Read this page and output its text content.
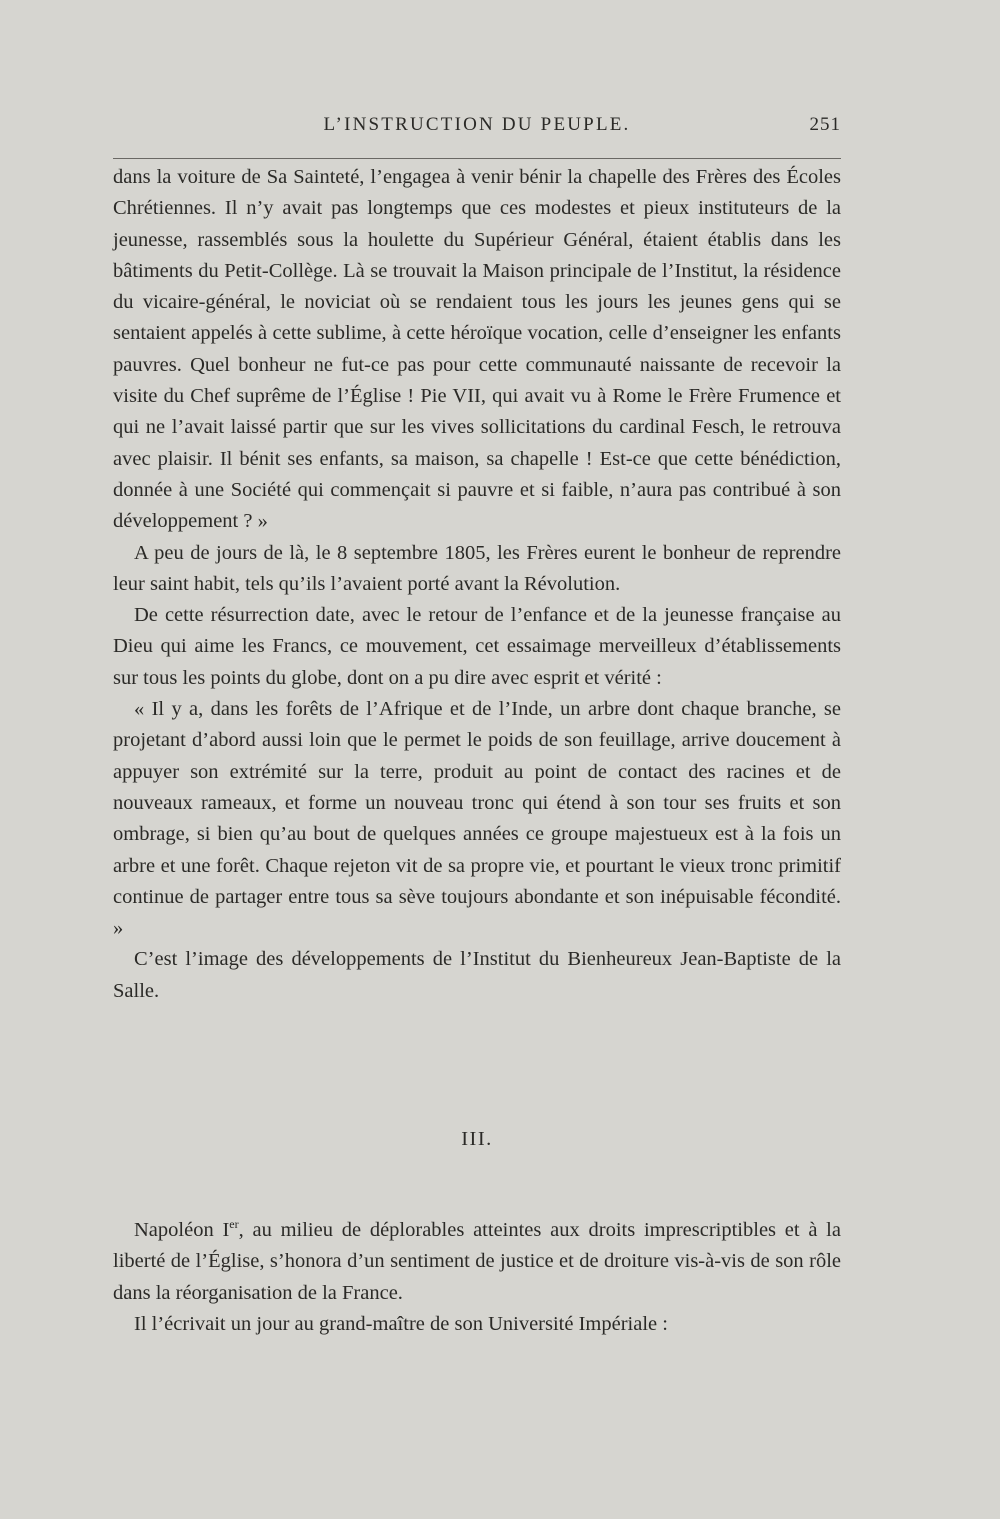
L’INSTRUCTION DU PEUPLE.	251

dans la voiture de Sa Sainteté, l’engagea à venir bénir la chapelle des Frères des Écoles Chrétiennes. Il n’y avait pas longtemps que ces modestes et pieux instituteurs de la jeunesse, rassemblés sous la houlette du Supérieur Général, étaient établis dans les bâtiments du Petit-Collège. Là se trouvait la Maison principale de l’Institut, la résidence du vicaire-général, le noviciat où se rendaient tous les jours les jeunes gens qui se sentaient appelés à cette sublime, à cette héroïque vocation, celle d’enseigner les enfants pauvres. Quel bonheur ne fut-ce pas pour cette communauté naissante de recevoir la visite du Chef suprême de l’Église ! Pie VII, qui avait vu à Rome le Frère Frumence et qui ne l’avait laissé partir que sur les vives sollicitations du cardinal Fesch, le retrouva avec plaisir. Il bénit ses enfants, sa maison, sa chapelle ! Est-ce que cette bénédiction, donnée à une Société qui commençait si pauvre et si faible, n’aura pas contribué à son développement ? »

A peu de jours de là, le 8 septembre 1805, les Frères eurent le bonheur de reprendre leur saint habit, tels qu’ils l’avaient porté avant la Révolution.

De cette résurrection date, avec le retour de l’enfance et de la jeunesse française au Dieu qui aime les Francs, ce mouvement, cet essaimage merveilleux d’établissements sur tous les points du globe, dont on a pu dire avec esprit et vérité :

« Il y a, dans les forêts de l’Afrique et de l’Inde, un arbre dont chaque branche, se projetant d’abord aussi loin que le permet le poids de son feuillage, arrive doucement à appuyer son extrémité sur la terre, produit au point de contact des racines et de nouveaux rameaux, et forme un nouveau tronc qui étend à son tour ses fruits et son ombrage, si bien qu’au bout de quelques années ce groupe majestueux est à la fois un arbre et une forêt. Chaque rejeton vit de sa propre vie, et pourtant le vieux tronc primitif continue de partager entre tous sa sève toujours abondante et son inépuisable fécondité. »

C’est l’image des développements de l’Institut du Bienheureux Jean-Baptiste de la Salle.

III.

Napoléon Ier, au milieu de déplorables atteintes aux droits imprescriptibles et à la liberté de l’Église, s’honora d’un sentiment de justice et de droiture vis-à-vis de son rôle dans la réorganisation de la France.

Il l’écrivait un jour au grand-maître de son Université Impériale :
